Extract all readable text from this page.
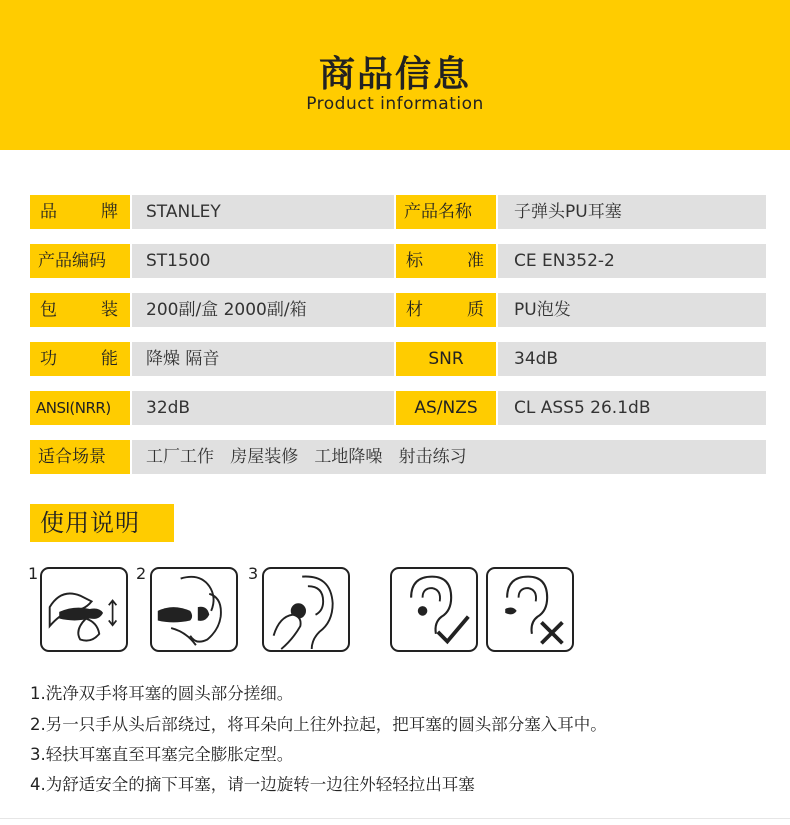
商品信息
Product information
品牌	STANLEY	产品名称	子弹头PU耳塞
产品编码	ST1500	标准	CE EN352-2
包装	200副/盒 2000副/箱	材质	PU泡发
功能	降燥 隔音	SNR	34dB
ANSI(NRR)	32dB	AS/NZS	CL ASS5 26.1dB
适合场景	工厂工作   房屋装修   工地降噪   射击练习
使用说明
1	2	3
1.洗净双手将耳塞的圆头部分搓细。
2.另一只手从头后部绕过，将耳朵向上往外拉起，把耳塞的圆头部分塞入耳中。
3.轻扶耳塞直至耳塞完全膨胀定型。
4.为舒适安全的摘下耳塞，请一边旋转一边往外轻轻拉出耳塞
